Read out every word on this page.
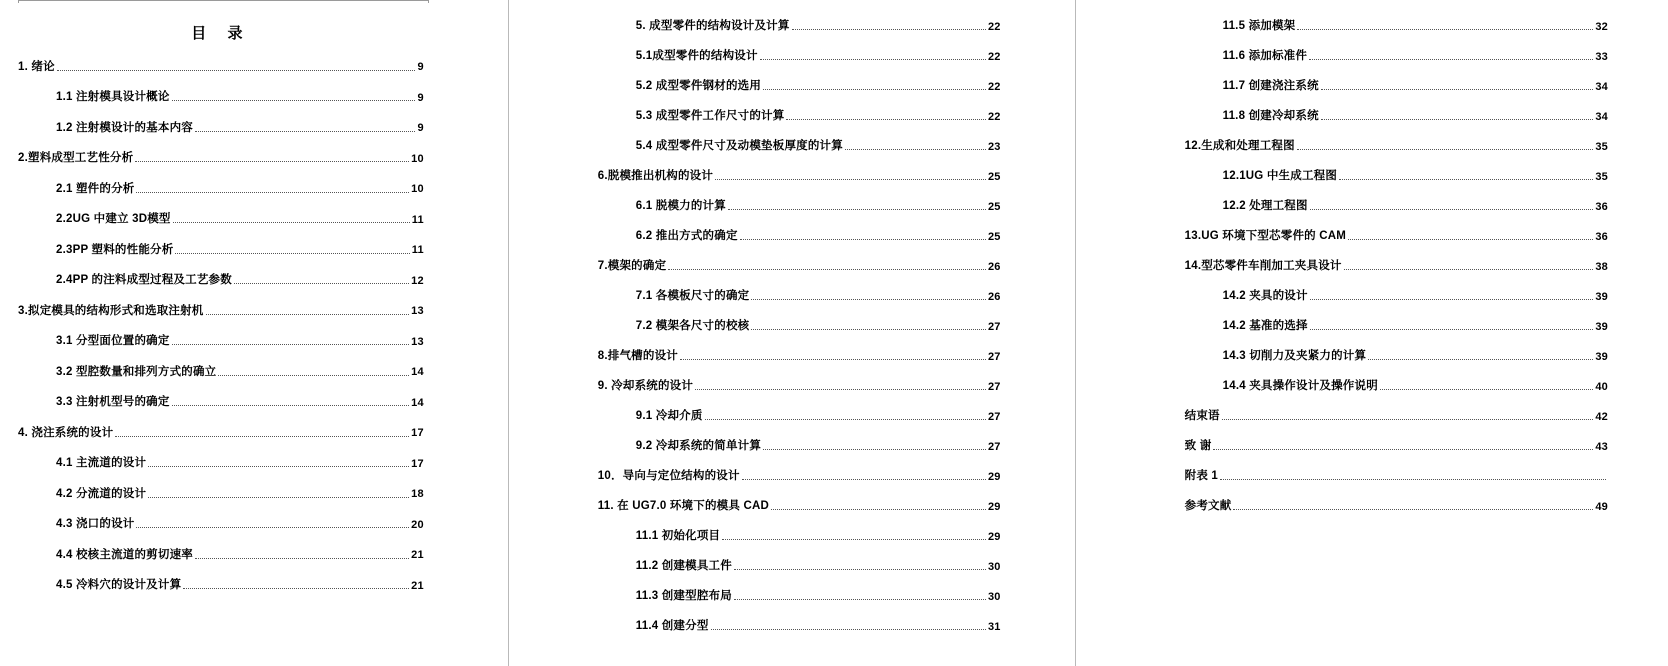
目 录
1. 绪论	9
1.1 注射模具设计概论	9
1.2 注射模设计的基本内容	9
2.塑料成型工艺性分析	10
2.1 塑件的分析	10
2.2UG 中建立 3D模型	11
2.3PP 塑料的性能分析	11
2.4PP 的注料成型过程及工艺参数	12
3.拟定模具的结构形式和选取注射机	13
3.1 分型面位置的确定	13
3.2 型腔数量和排列方式的确立	14
3.3 注射机型号的确定	14
4. 浇注系统的设计	17
4.1 主流道的设计	17
4.2 分流道的设计	18
4.3 浇口的设计	20
4.4 校核主流道的剪切速率	21
4.5 冷料穴的设计及计算	21
5. 成型零件的结构设计及计算	22
5.1成型零件的结构设计	22
5.2 成型零件钢材的选用	22
5.3 成型零件工作尺寸的计算	22
5.4 成型零件尺寸及动模垫板厚度的计算	23
6.脱模推出机构的设计	25
6.1 脱模力的计算	25
6.2 推出方式的确定	25
7.模架的确定	26
7.1 各模板尺寸的确定	26
7.2 模架各尺寸的校核	27
8.排气槽的设计	27
9. 冷却系统的设计	27
9.1 冷却介质	27
9.2 冷却系统的简单计算	27
10．导向与定位结构的设计	29
11. 在 UG7.0 环境下的模具 CAD	29
11.1 初始化项目	29
11.2 创建模具工件	30
11.3 创建型腔布局	30
11.4 创建分型	31
11.5 添加模架	32
11.6 添加标准件	33
11.7 创建浇注系统	34
11.8 创建冷却系统	34
12.生成和处理工程图	35
12.1UG 中生成工程图	35
12.2 处理工程图	36
13.UG 环境下型芯零件的 CAM	36
14.型芯零件车削加工夹具设计	38
14.2 夹具的设计	39
14.2 基准的选择	39
14.3 切削力及夹紧力的计算	39
14.4 夹具操作设计及操作说明	40
结束语	42
致 谢	43
附表 1
参考文献	49
